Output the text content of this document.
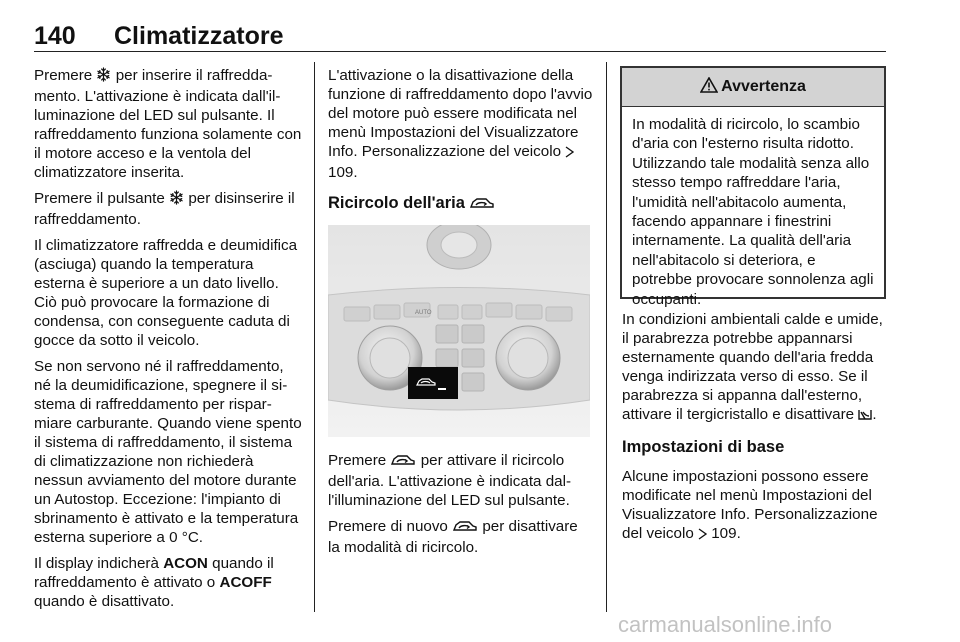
140 Climatizzatore

Premere per inserire il raffreddamento. L'attivazione è indicata dall'illuminazione del LED sul pulsante. Il raffreddamento funziona solamente con il motore acceso e la ventola del climatizzatore inserita.

Premere il pulsante per disinserire il raffreddamento.

Il climatizzatore raffredda e deumidifica (asciuga) quando la temperatura esterna è superiore a un dato livello. Ciò può provocare la formazione di condensa, con conseguente caduta di gocce da sotto il veicolo.

Se non servono né il raffreddamento, né la deumidificazione, spegnere il sistema di raffreddamento per risparmiare carburante. Quando viene spento il sistema di raffreddamento, il sistema di climatizzazione non richiederà nessun avviamento del motore durante un Autostop. Eccezione: l'impianto di sbrinamento è attivato e la temperatura esterna superiore a 0 °C.

Il display indicherà ACON quando il raffreddamento è attivato o ACOFF quando è disattivato.

L'attivazione o la disattivazione della funzione di raffreddamento dopo l'avvio del motore può essere modificata nel menù Impostazioni del Visualizzatore Info. Personalizzazione del veicolo  109.

Ricircolo dell'aria
AUTO

Premere per attivare il ricircolo dell'aria. L'attivazione è indicata dall'illuminazione del LED sul pulsante.

Premere di nuovo per disattivare la modalità di ricircolo.

Avvertenza
In modalità di ricircolo, lo scambio d'aria con l'esterno risulta ridotto. Utilizzando tale modalità senza allo stesso tempo raffreddare l'aria, l'umidità nell'abitacolo aumenta, facendo appannare i finestrini internamente. La qualità dell'aria nell'abitacolo si deteriora, e potrebbe provocare sonnolenza agli occupanti.

In condizioni ambientali calde e umide, il parabrezza potrebbe appannarsi esternamente quando dell'aria fredda venga indirizzata verso di esso. Se il parabrezza si appanna dall'esterno, attivare il tergicristallo e disattivare .

Impostazioni di base

Alcune impostazioni possono essere modificate nel menù Impostazioni del Visualizzatore Info. Personalizzazione del veicolo 109.

carmanualsonline.info
